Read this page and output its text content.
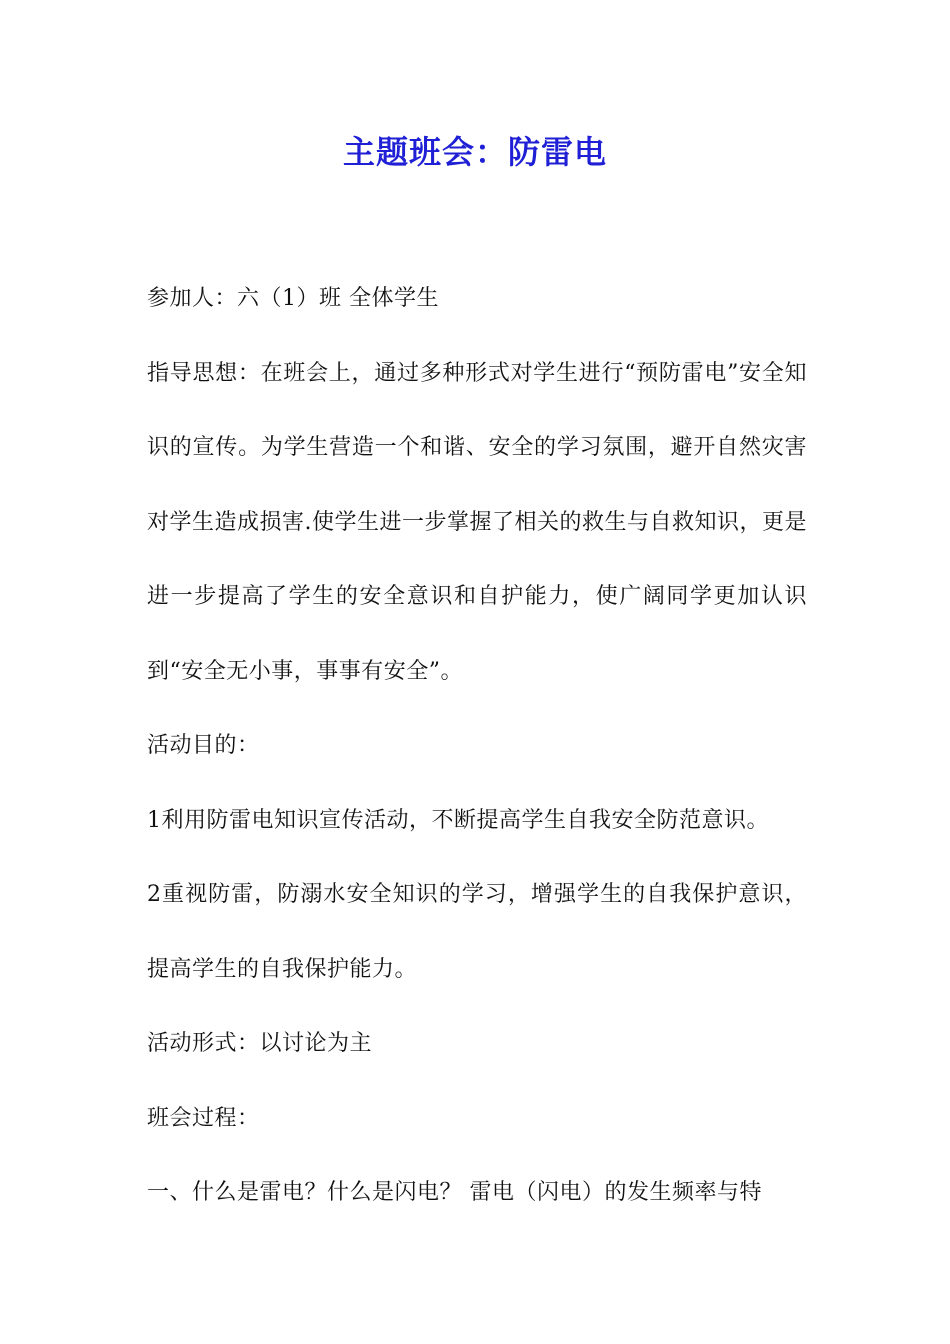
主题班会：防雷电

参加人：六（1）班 全体学生

指导思想：在班会上，通过多种形式对学生进行“预防雷电”安全知识的宣传。为学生营造一个和谐、安全的学习氛围，避开自然灾害对学生造成损害.使学生进一步掌握了相关的救生与自救知识，更是进一步提高了学生的安全意识和自护能力，使广阔同学更加认识到“安全无小事，事事有安全”。

活动目的：

1利用防雷电知识宣传活动，不断提高学生自我安全防范意识。

2重视防雷，防溺水安全知识的学习，增强学生的自我保护意识，提高学生的自我保护能力。

活动形式：以讨论为主

班会过程：

一、什么是雷电？什么是闪电？ 雷电（闪电）的发生频率与特
